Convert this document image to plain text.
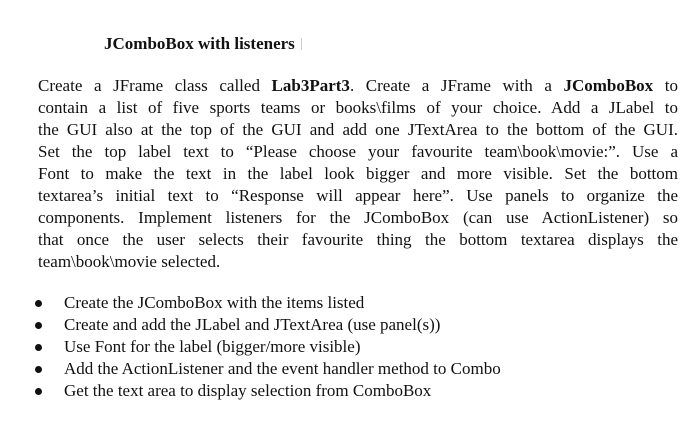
JComboBox with listeners

Create a JFrame class called Lab3Part3. Create a JFrame with a JComboBox to
contain a list of five sports teams or books\films of your choice. Add a JLabel to
the GUI also at the top of the GUI and add one JTextArea to the bottom of the GUI.
Set the top label text to “Please choose your favourite team\book\movie:”. Use a
Font to make the text in the label look bigger and more visible. Set the bottom
textarea’s initial text to “Response will appear here”. Use panels to organize the
components. Implement listeners for the JComboBox (can use ActionListener) so
that once the user selects their favourite thing the bottom textarea displays the
team\book\movie selected.

Create the JComboBox with the items listed
Create and add the JLabel and JTextArea (use panel(s))
Use Font for the label (bigger/more visible)
Add the ActionListener and the event handler method to Combo
Get the text area to display selection from ComboBox
